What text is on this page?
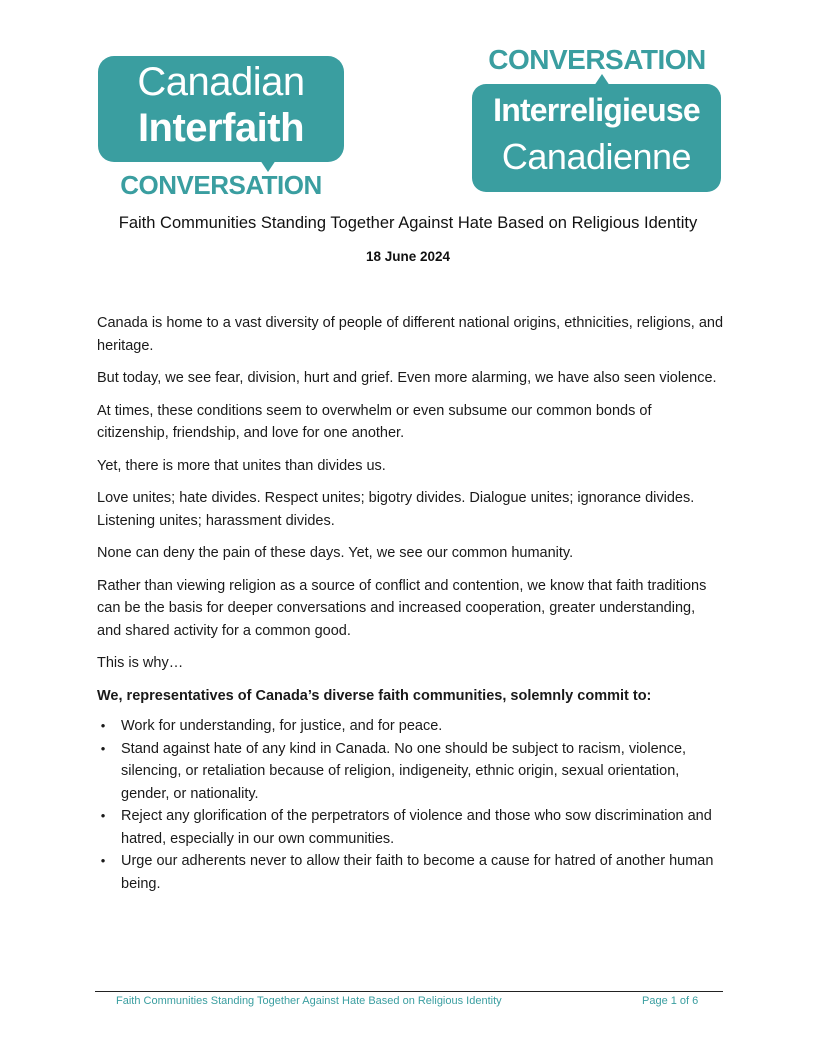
Canadian
Interfaith
CONVERSATION
CONVERSATION
Interreligieuse
Canadienne
Faith Communities Standing Together Against Hate Based on Religious Identity
18 June 2024

Canada is home to a vast diversity of people of different national origins, ethnicities, religions, and heritage.

But today, we see fear, division, hurt and grief. Even more alarming, we have also seen violence.

At times, these conditions seem to overwhelm or even subsume our common bonds of citizenship, friendship, and love for one another.

Yet, there is more that unites than divides us.

Love unites; hate divides. Respect unites; bigotry divides. Dialogue unites; ignorance divides. Listening unites; harassment divides.

None can deny the pain of these days. Yet, we see our common humanity.

Rather than viewing religion as a source of conflict and contention, we know that faith traditions can be the basis for deeper conversations and increased cooperation, greater understanding, and shared activity for a common good.

This is why…

We, representatives of Canada’s diverse faith communities, solemnly commit to:

• Work for understanding, for justice, and for peace.
• Stand against hate of any kind in Canada. No one should be subject to racism, violence, silencing, or retaliation because of religion, indigeneity, ethnic origin, sexual orientation, gender, or nationality.
• Reject any glorification of the perpetrators of violence and those who sow discrimination and hatred, especially in our own communities.
• Urge our adherents never to allow their faith to become a cause for hatred of another human being.
Faith Communities Standing Together Against Hate Based on Religious Identity	Page 1 of 6
